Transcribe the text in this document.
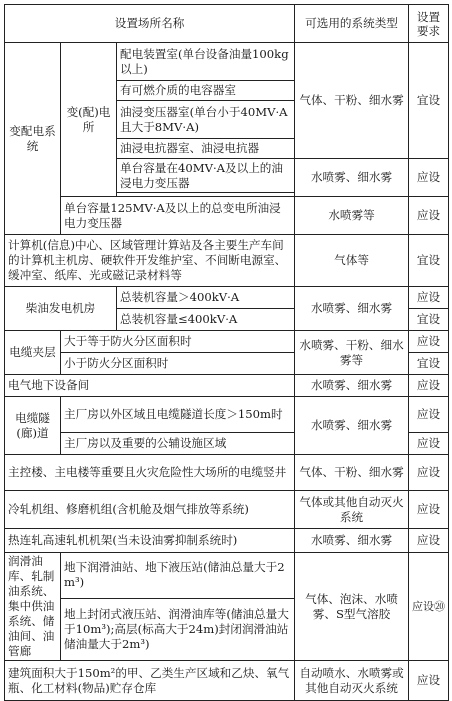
设置场所名称			可选用的系统类型	设置要求
变配电系统	变(配)电所	配电装置室(单台设备油量100kg以上)	气体、干粉、细水雾	宜设
		有可燃介质的电容器室		
		油浸变压器室(单台小于40MV·A且大于8MV·A)		
		油浸电抗器室、油浸电抗器		
		单台容量在40MV·A及以上的油浸电力变压器	水喷雾、细水雾	应设

	单台容量125MV·A及以上的总变电所油浸电力变压器		水喷雾等	应设
计算机(信息)中心、区域管理计算站及各主要生产车间的计算机主机房、硬软件开发维护室、不间断电源室、缓冲室、纸库、光或磁记录材料等			气体等	宜设
柴油发电机房		总装机容量＞400kV·A	水喷雾、细水雾	应设
		总装机容量≤400kV·A		宜设
电缆夹层	大于等于防火分区面积时		水喷雾、干粉、细水雾等	应设
	小于防火分区面积时			宜设
电气地下设备间			水喷雾、细水雾	应设
电缆隧(廊)道	主厂房以外区域且电缆隧道长度＞150m时		水喷雾、细水雾	应设
	主厂房以及重要的公辅设施区域			应设
主控楼、主电楼等重要且火灾危险性大场所的电缆竖井			气体、干粉、细水雾	应设
冷轧机组、修磨机组(含机舱及烟气排放等系统)			气体或其他自动灭火系统	应设
热连轧高速轧机机架(当未设油雾抑制系统时)			水喷雾、细水雾	应设
润滑油库、轧制油系统、集中供油系统、储油间、油管廊	地下润滑油站、地下液压站(储油总量大于2m³)		气体、泡沫、水喷雾、S型气溶胶	应设⑳
	地上封闭式液压站、润滑油库等(储油总量大于10m³);高层(标高大于24m)封闭润滑油站储油量大于2m³)			
建筑面积大于150m²的甲、乙类生产区域和乙炔、氧气瓶、化工材料(物品)贮存仓库			自动喷水、水喷雾或其他自动灭火系统	应设
